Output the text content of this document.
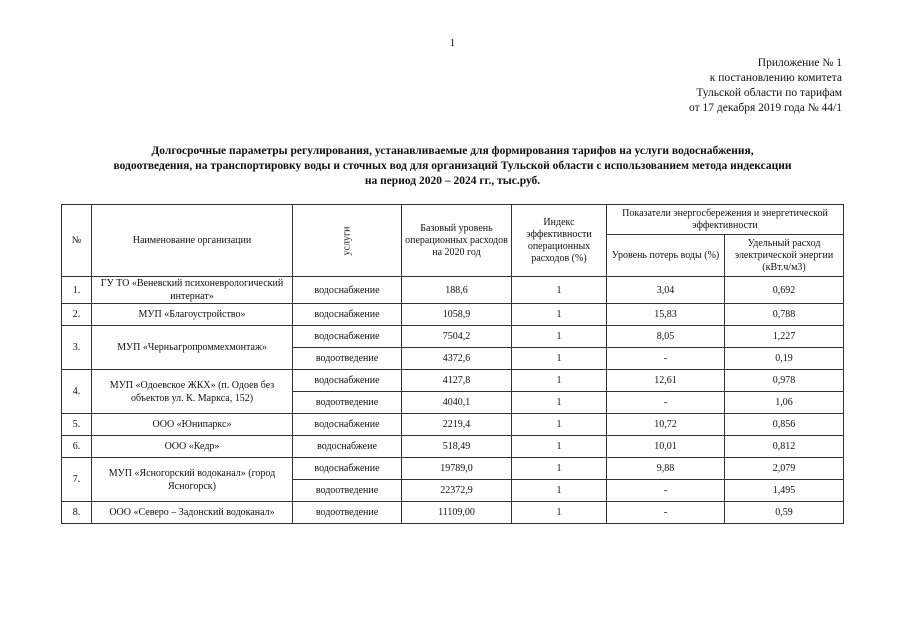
1
Приложение № 1
к постановлению комитета
Тульской области по тарифам
от 17 декабря 2019 года № 44/1
Долгосрочные параметры регулирования, устанавливаемые для формирования тарифов на услуги водоснабжения,
водоотведения, на транспортировку воды и сточных вод для организаций Тульской области с использованием метода индексации
на период 2020 – 2024 гг., тыс.руб.
№	Наименование организации	услуги	Базовый уровень операционных расходов на 2020 год	Индекс эффективности операционных расходов (%)	Показатели энергосбережения и энергетической эффективности	
					Уровень потерь воды (%)	Удельный расход электрической энергии (кВт.ч/м3)
1.	ГУ ТО «Веневский психоневрологический интернат»	водоснабжение	188,6	1	3,04	0,692
2.	МУП «Благоустройство»	водоснабжение	1058,9	1	15,83	0,788
3.	МУП «Черньагропроммехмонтаж»	водоснабжение	7504,2	1	8,05	1,227
		водоотведение	4372,6	1	-	0,19
4.	МУП «Одоевское ЖКХ» (п. Одоев без объектов ул. К. Маркса, 152)	водоснабжение	4127,8	1	12,61	0,978
		водоотведение	4040,1	1	-	1,06
5.	ООО «Юнипаркс»	водоснабжение	2219,4	1	10,72	0,856
6.	ООО «Кедр»	водоснабжеие	518,49	1	10,01	0,812
7.	МУП «Ясногорский водоканал» (город Ясногорск)	водоснабжение	19789,0	1	9,88	2,079
		водоотведение	22372,9	1	-	1,495
8.	ООО «Северо – Задонский водоканал»	водоотведение	11109,00	1	-	0,59
